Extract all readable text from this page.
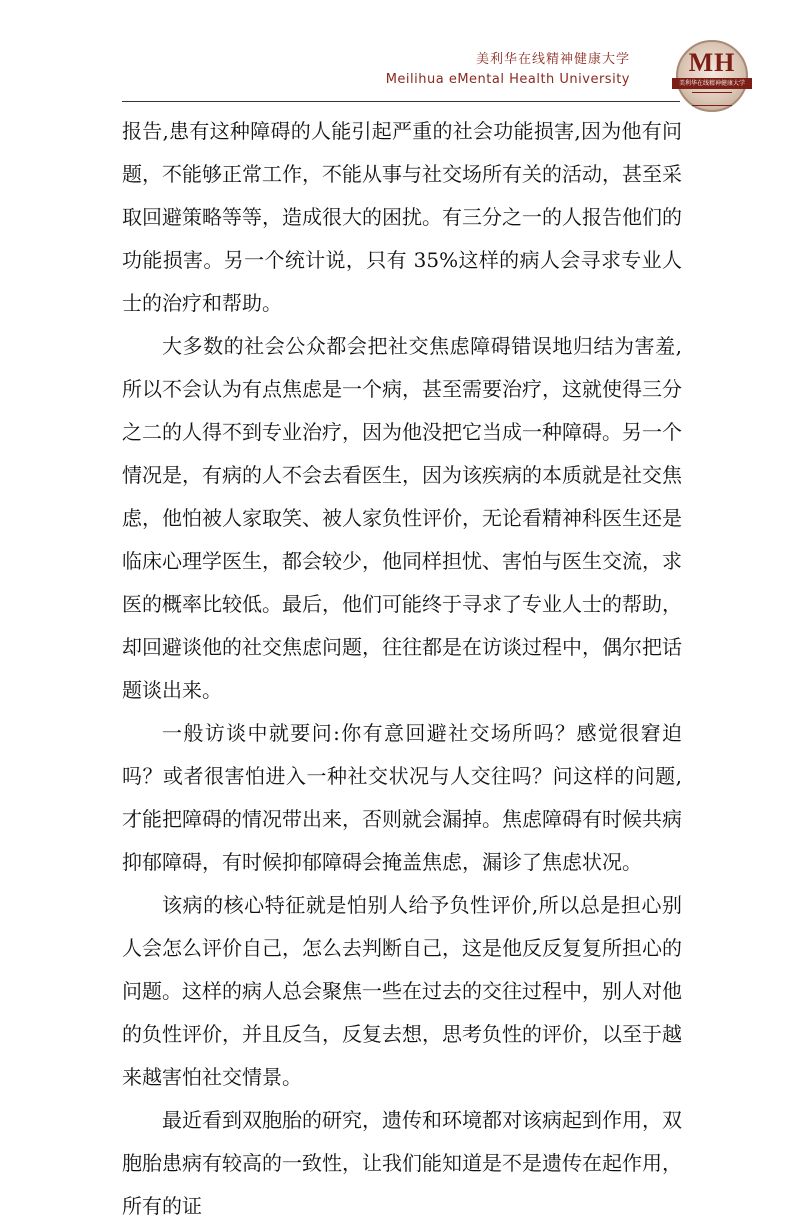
美利华在线精神健康大学
Meilihua eMental Health University
MH
美利华在线精神健康大学

报告,患有这种障碍的人能引起严重的社会功能损害,因为他有问题，不能够正常工作，不能从事与社交场所有关的活动，甚至采取回避策略等等，造成很大的困扰。有三分之一的人报告他们的功能损害。另一个统计说，只有 35%这样的病人会寻求专业人士的治疗和帮助。

大多数的社会公众都会把社交焦虑障碍错误地归结为害羞,所以不会认为有点焦虑是一个病，甚至需要治疗，这就使得三分之二的人得不到专业治疗，因为他没把它当成一种障碍。另一个情况是，有病的人不会去看医生，因为该疾病的本质就是社交焦虑，他怕被人家取笑、被人家负性评价，无论看精神科医生还是临床心理学医生，都会较少，他同样担忧、害怕与医生交流，求医的概率比较低。最后，他们可能终于寻求了专业人士的帮助，却回避谈他的社交焦虑问题，往往都是在访谈过程中，偶尔把话题谈出来。

一般访谈中就要问:你有意回避社交场所吗？感觉很窘迫吗？或者很害怕进入一种社交状况与人交往吗？问这样的问题,才能把障碍的情况带出来，否则就会漏掉。焦虑障碍有时候共病抑郁障碍，有时候抑郁障碍会掩盖焦虑，漏诊了焦虑状况。

该病的核心特征就是怕别人给予负性评价,所以总是担心别人会怎么评价自己，怎么去判断自己，这是他反反复复所担心的问题。这样的病人总会聚焦一些在过去的交往过程中，别人对他的负性评价，并且反刍，反复去想，思考负性的评价，以至于越来越害怕社交情景。

最近看到双胞胎的研究，遗传和环境都对该病起到作用，双胞胎患病有较高的一致性，让我们能知道是不是遗传在起作用，所有的证
